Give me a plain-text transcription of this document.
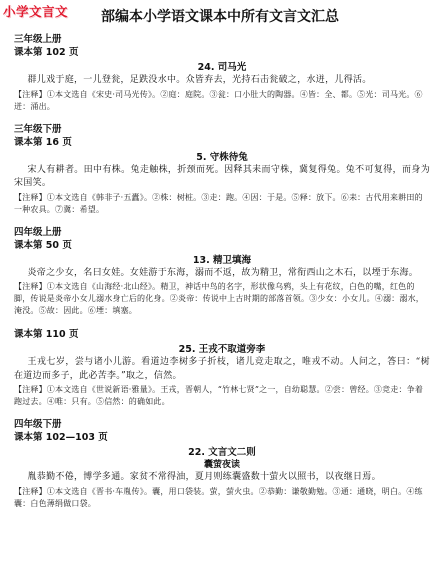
小学文言文	部编本小学语文课本中所有文言文汇总
三年级上册
课本第 102 页
24. 司马光
群儿戏于庭，一儿登瓮，足跌没水中。众皆弃去，光持石击瓮破之，水迸，儿得活。
【注释】①本文选自《宋史·司马光传》。②庭：庭院。③瓮：口小肚大的陶器。④皆：全、都。⑤光：司马光。⑥迸：涌出。
三年级下册
课本第 16 页
5. 守株待兔
宋人有耕者。田中有株。兔走触株，折颈而死。因释其耒而守株，冀复得兔。兔不可复得，而身为宋国笑。
【注释】①本文选自《韩非子·五蠹》。②株：树桩。③走：跑。④因：于是。⑤释：放下。⑥耒：古代用来耕田的一种农具。⑦冀：希望。
四年级上册
课本第 50 页
13. 精卫填海
炎帝之少女，名曰女娃。女娃游于东海，溺而不返，故为精卫，常衔西山之木石，以堙于东海。
【注释】①本文选自《山海经·北山经》。精卫，神话中鸟的名字，形状像乌鸦，头上有花纹，白色的嘴，红色的脚，传说是炎帝小女儿溺水身亡后的化身。②炎帝：传说中上古时期的部落首领。③少女：小女儿。④溺：溺水，淹没。⑤故：因此。⑥堙：填塞。
课本第 110 页
25. 王戎不取道旁李
王戎七岁，尝与诸小儿游。看道边李树多子折枝，诸儿竞走取之，唯戎不动。人问之，答曰：“树在道边而多子，此必苦李。”取之，信然。
【注释】①本文选自《世说新语·雅量》。王戎，晋朝人，“竹林七贤”之一，自幼聪慧。②尝：曾经。③竞走：争着跑过去。④唯：只有。⑤信然：的确如此。
四年级下册
课本第 102—103 页
22. 文言文二则
囊萤夜读
胤恭勤不倦，博学多通。家贫不常得油，夏月则练囊盛数十萤火以照书，以夜继日焉。
【注释】①本文选自《晋书·车胤传》。囊，用口袋装。萤，萤火虫。②恭勤：谦敬勤勉。③通：通晓，明白。④练囊：白色薄绢做口袋。
